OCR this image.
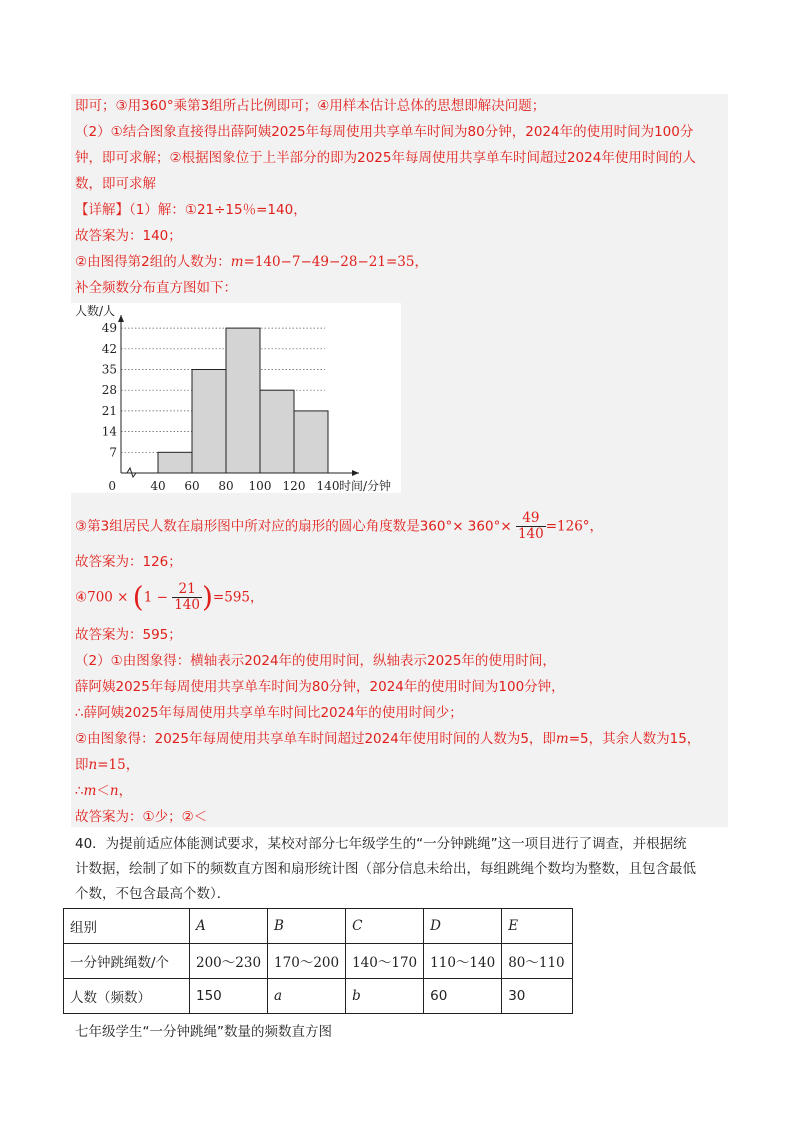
即可；③用360°乘第3组所占比例即可；④用样本估计总体的思想即解决问题；
（2）①结合图象直接得出薛阿姨2025年每周使用共享单车时间为80分钟，2024年的使用时间为100分
钟，即可求解；②根据图象位于上半部分的即为2025年每周使用共享单车时间超过2024年使用时间的人
数，即可求解
【详解】（1）解：①21÷15％=140，
故答案为：140；
②由图得第2组的人数为：m=140−7−49−28−21=35，
补全频数分布直方图如下：
7
14
21
28
35
42
49
40 60 80 100 120 140
0	时间/分钟
人数/人
③第3组居民人数在扇形图中所对应的扇形的圆心角度数是$360^\circ\times 360^\circ\times \frac{49}{140} =126^\circ$，
故答案为：126；
④700 × $(1 - \frac{21}{140} )=595$，
故答案为：595；
（2）①由图象得：横轴表示2024年的使用时间，纵轴表示2025年的使用时间，
薛阿姨2025年每周使用共享单车时间为80分钟，2024年的使用时间为100分钟，
∴薛阿姨2025年每周使用共享单车时间比2024年的使用时间少；
②由图象得：2025年每周使用共享单车时间超过2024年使用时间的人数为5，即m=5，其余人数为15，
即n=15，
∴m＜n，
故答案为：①少；②＜
40．为提前适应体能测试要求，某校对部分七年级学生的“一分钟跳绳”这一项目进行了调查，并根据统
计数据，绘制了如下的频数直方图和扇形统计图（部分信息未给出，每组跳绳个数均为整数，且包含最低
个数，不包含最高个数）．
组别	A	B	C	D	E
一分钟跳绳数/个	200～230	170～200	140～170	110～140	80～110
人数（频数）	150	a	b	60	30
七年级学生“一分钟跳绳”数量的频数直方图
